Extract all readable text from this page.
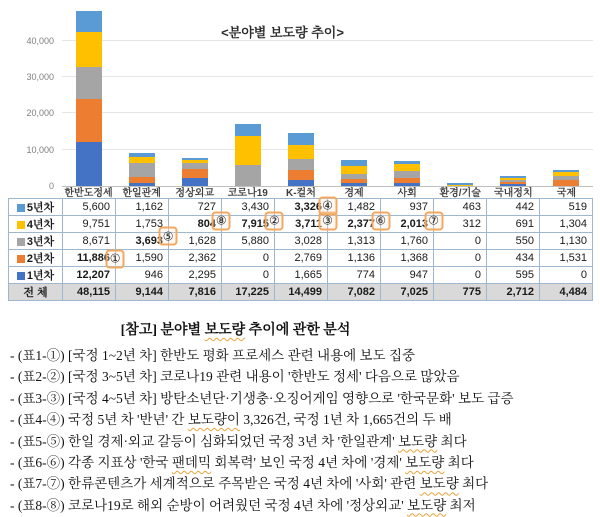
<분야별 보도량 추이>
0
10,000
20,000
30,000
40,000
한반도정세 한일관계	정상외교	코로나19	K-컬처	경제	사회	환경/기술	국내정치	국제
5년차	5,600	1,162	727	3,430	3,326	1,482	937	463	442	519
4년차	9,751	1,753	804	7,915	3,711	2,377	2,013	312	691	1,304
3년차	8,671	3,693	1,628	5,880	3,028	1,313	1,760	0	550	1,130
2년차	11,886	1,590	2,362	0	2,769	1,136	1,368	0	434	1,531
1년차	12,207	946	2,295	0	1,665	774	947	0	595	0
전 체	48,115	9,144	7,816	17,225	14,499	7,082	7,025	775	2,712	4,484
①
⑤
⑧	②	③
④
⑥	⑦
[참고] 분야별 보도량 추이에 관한 분석
- (표1-①) [국정 1~2년 차] 한반도 평화 프로세스 관련 내용에 보도 집중
- (표2-②) [국정 3~5년 차] 코로나19 관련 내용이 '한반도 정세' 다음으로 많았음
- (표3-③) [국정 4~5년 차] 방탄소년단·기생충·오징어게임 영향으로 '한국문화' 보도 급증
- (표4-④) 국정 5년 차 '반년' 간 보도량이 3,326건, 국정 1년 차 1,665건의 두 배
- (표5-⑤) 한일 경제·외교 갈등이 심화되었던 국정 3년 차 '한일관계' 보도량 최다
- (표6-⑥) 각종 지표상 '한국 팬데믹 회복력' 보인 국정 4년 차에 '경제' 보도량 최다
- (표7-⑦) 한류콘텐츠가 세계적으로 주목받은 국정 4년 차에 '사회' 관련 보도량 최다
- (표8-⑧) 코로나19로 해외 순방이 어려웠던 국정 4년 차에 '정상외교' 보도량 최저
